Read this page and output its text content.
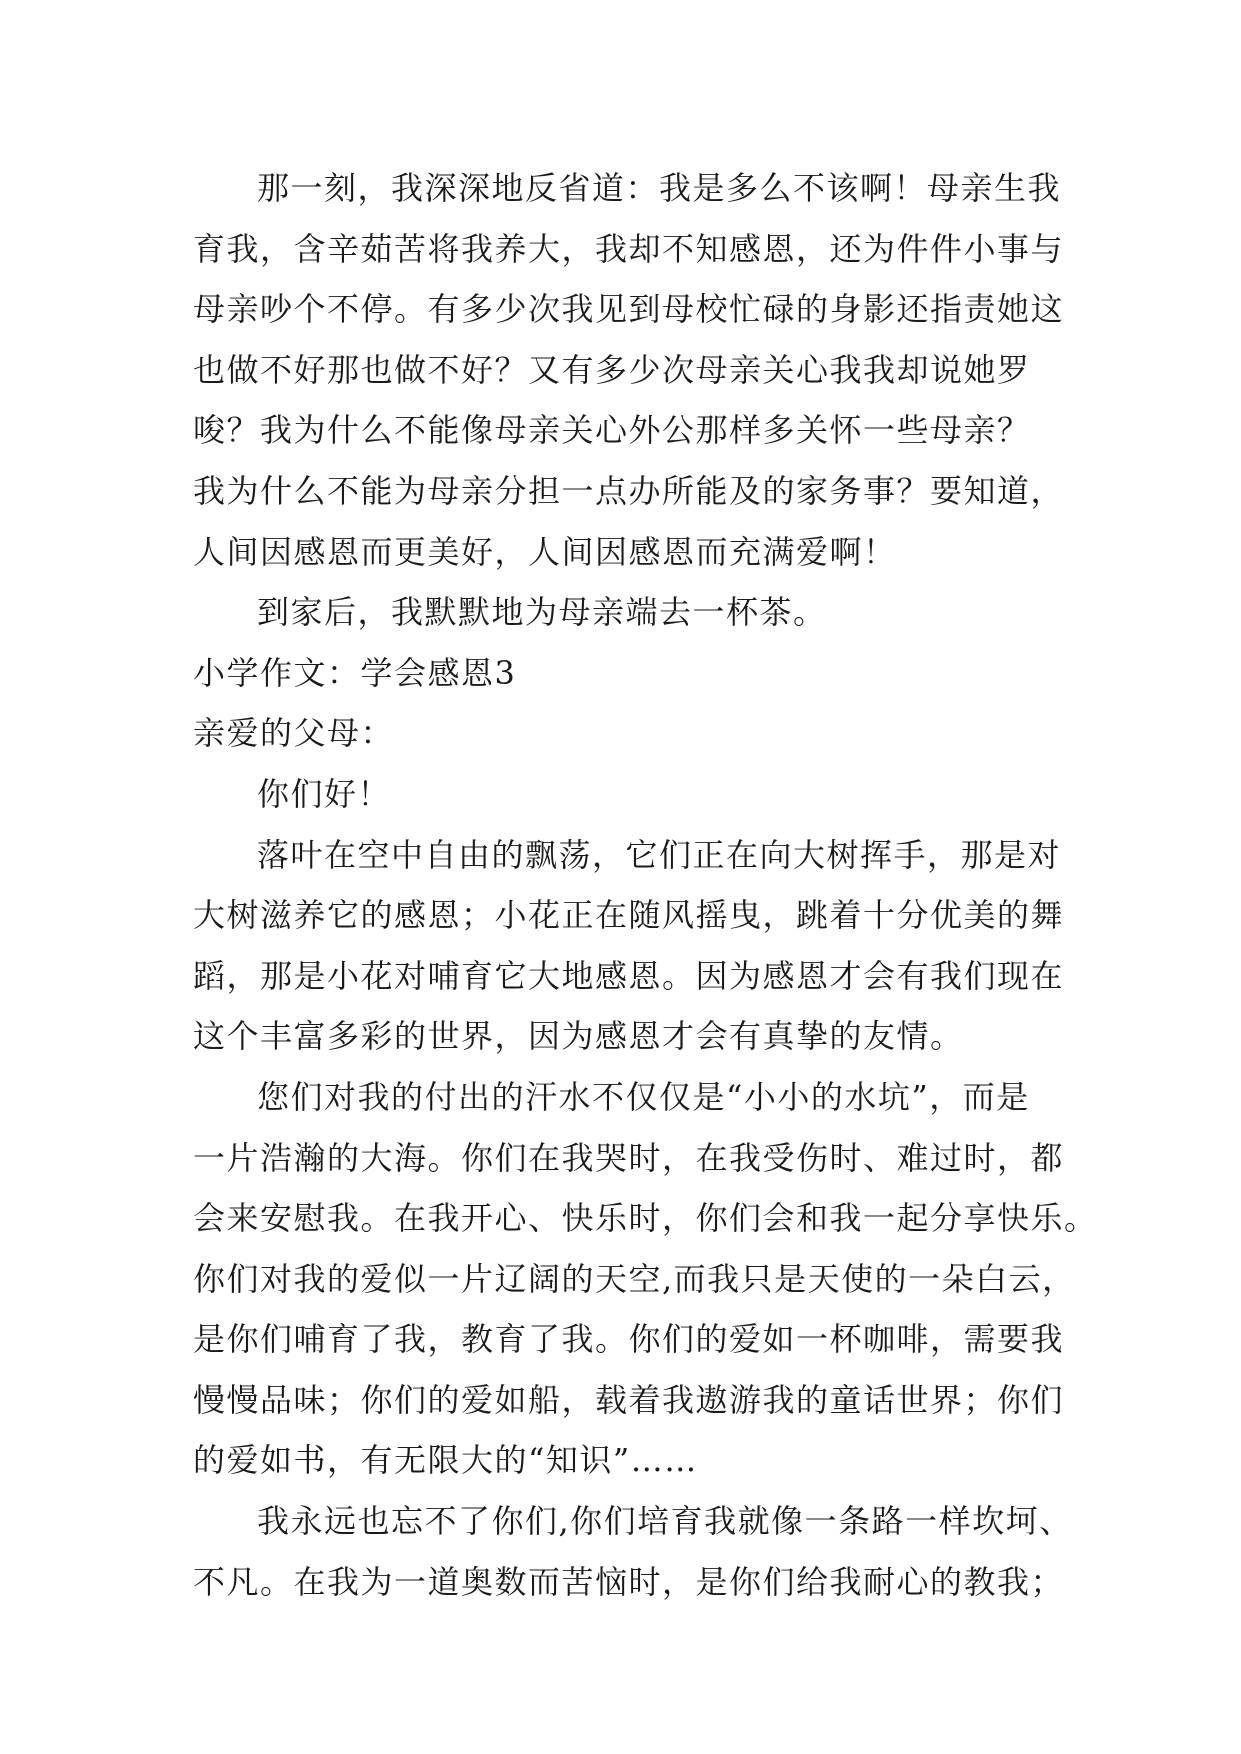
那一刻，我深深地反省道：我是多么不该啊！母亲生我
育我，含辛茹苦将我养大，我却不知感恩，还为件件小事与
母亲吵个不停。有多少次我见到母校忙碌的身影还指责她这
也做不好那也做不好？又有多少次母亲关心我我却说她罗
唆？我为什么不能像母亲关心外公那样多关怀一些母亲？
我为什么不能为母亲分担一点办所能及的家务事？要知道，
人间因感恩而更美好，人间因感恩而充满爱啊！
到家后，我默默地为母亲端去一杯茶。
小学作文：学会感恩3
亲爱的父母：
你们好！
落叶在空中自由的飘荡，它们正在向大树挥手，那是对
大树滋养它的感恩；小花正在随风摇曳，跳着十分优美的舞
蹈，那是小花对哺育它大地感恩。因为感恩才会有我们现在
这个丰富多彩的世界，因为感恩才会有真挚的友情。
您们对我的付出的汗水不仅仅是“小小的水坑”，而是
一片浩瀚的大海。你们在我哭时，在我受伤时、难过时，都
会来安慰我。在我开心、快乐时，你们会和我一起分享快乐。
你们对我的爱似一片辽阔的天空,而我只是天使的一朵白云，
是你们哺育了我，教育了我。你们的爱如一杯咖啡，需要我
慢慢品味；你们的爱如船，载着我遨游我的童话世界；你们
的爱如书，有无限大的“知识”……
我永远也忘不了你们,你们培育我就像一条路一样坎坷、
不凡。在我为一道奥数而苦恼时，是你们给我耐心的教我；
